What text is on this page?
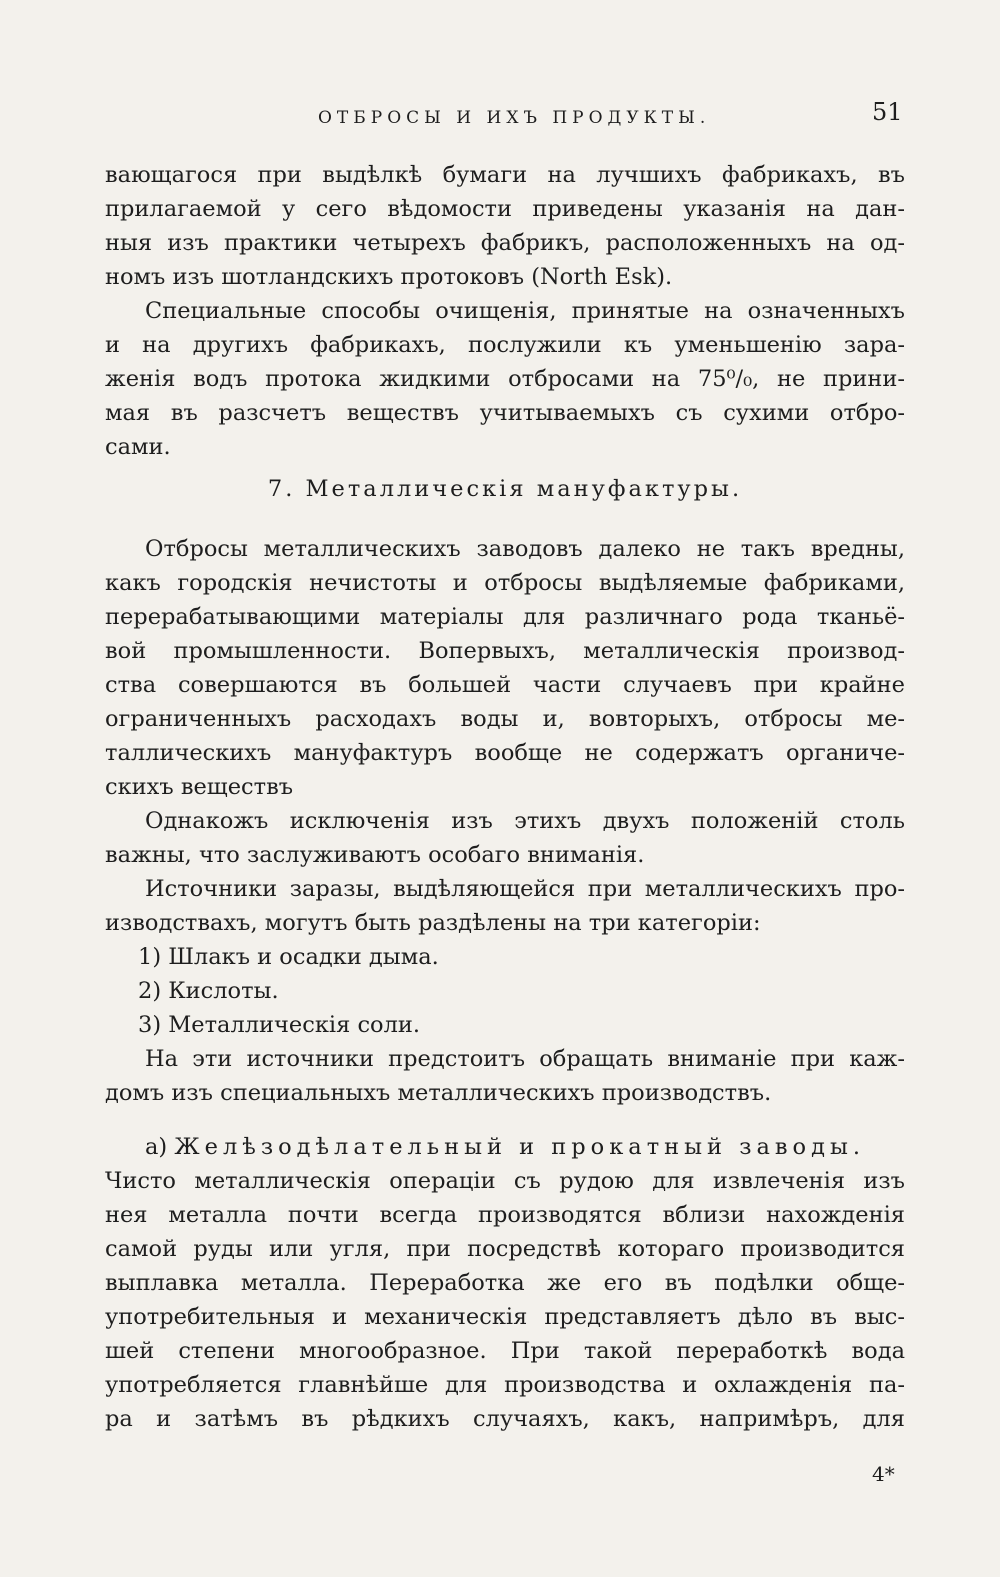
ОТБРОСЫ И ИХЪ ПРОДУКТЫ.	51
вающагося при выдѣлкѣ бумаги на лучшихъ фабрикахъ, въ
прилагаемой у сего вѣдомости приведены указанія на дан-
ныя изъ практики четырехъ фабрикъ, расположенныхъ на од-
номъ изъ шотландскихъ протоковъ (North Esk).
Специальные способы очищенія, принятые на означенныхъ
и на другихъ фабрикахъ, послужили къ уменьшенію зара-
женія водъ протока жидкими отбросами на 75⁰/₀, не прини-
мая въ разсчетъ веществъ учитываемыхъ съ сухими отбро-
сами.
7. Металлическія мануфактуры.
Отбросы металлическихъ заводовъ далеко не такъ вредны,
какъ городскія нечистоты и отбросы выдѣляемые фабриками,
перерабатывающими матеріалы для различнаго рода тканьё-
вой промышленности. Вопервыхъ, металлическія производ-
ства совершаются въ большей части случаевъ при крайне
ограниченныхъ расходахъ воды и, вовторыхъ, отбросы ме-
таллическихъ мануфактуръ вообще не содержатъ органиче-
скихъ веществъ
Однакожъ исключенія изъ этихъ двухъ положеній столь
важны, что заслуживаютъ особаго вниманія.
Источники заразы, выдѣляющейся при металлическихъ про-
изводствахъ, могутъ быть раздѣлены на три категоріи:
1) Шлакъ и осадки дыма.
2) Кислоты.
3) Металлическія соли.
На эти источники предстоитъ обращать вниманіе при каж-
домъ изъ специальныхъ металлическихъ производствъ.
a) Желѣзодѣлательный и прокатный заводы.
Чисто металлическія операціи съ рудою для извлеченія изъ
нея металла почти всегда производятся вблизи нахожденія
самой руды или угля, при посредствѣ котораго производится
выплавка металла. Переработка же его въ подѣлки обще-
употребительныя и механическія представляетъ дѣло въ выс-
шей степени многообразное. При такой переработкѣ вода
употребляется главнѣйше для производства и охлажденія па-
ра и затѣмъ въ рѣдкихъ случаяхъ, какъ, напримѣръ, для
4*
